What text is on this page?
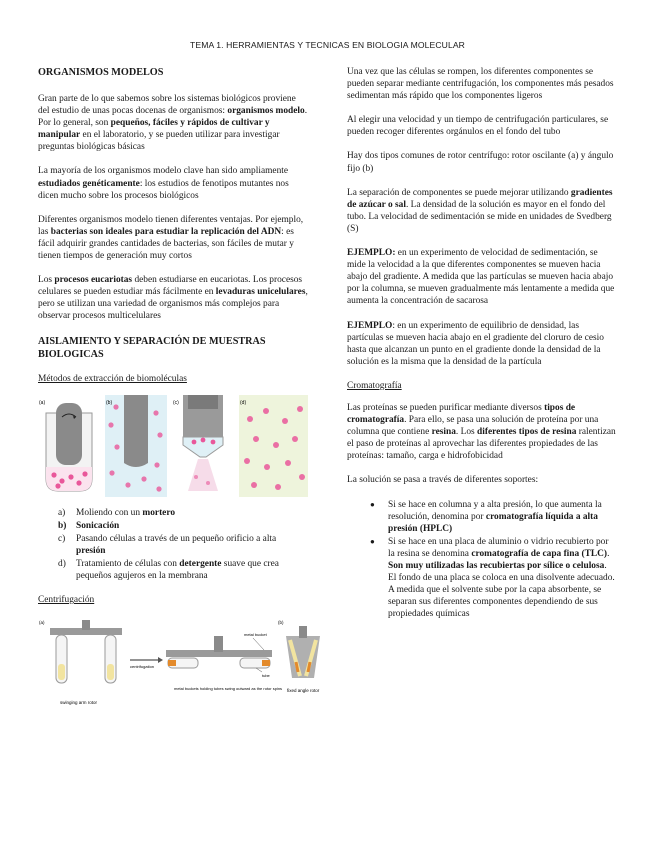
TEMA 1. HERRAMIENTAS Y TECNICAS EN BIOLOGIA MOLECULAR
ORGANISMOS MODELOS

Gran parte de lo que sabemos sobre los sistemas biológicos proviene del estudio de unas pocas docenas de organismos: organismos modelo. Por lo general, son pequeños, fáciles y rápidos de cultivar y manipular en el laboratorio, y se pueden utilizar para investigar preguntas biológicas básicas

La mayoría de los organismos modelo clave han sido ampliamente estudiados genéticamente: los estudios de fenotipos mutantes nos dicen mucho sobre los procesos biológicos

Diferentes organismos modelo tienen diferentes ventajas. Por ejemplo, las bacterias son ideales para estudiar la replicación del ADN: es fácil adquirir grandes cantidades de bacterias, son fáciles de mutar y tienen tiempos de generación muy cortos

Los procesos eucariotas deben estudiarse en eucariotas. Los procesos celulares se pueden estudiar más fácilmente en levaduras unicelulares, pero se utilizan una variedad de organismos más complejos para observar procesos multicelulares

AISLAMIENTO Y SEPARACIÓN DE MUESTRAS BIOLOGICAS
Métodos de extracción de biomoléculas
(a)	(b)	(c)	(d)
a) Moliendo con un mortero
b) Sonicación
c) Pasando células a través de un pequeño orificio a alta presión
d) Tratamiento de células con detergente suave que crea pequeños agujeros en la membrana
Centrifugación
(a)
swinging arm rotor
centrifugation
metal bucket
tube
metal buckets holding tubes swing outward as the rotor spins
(b)
fixed angle rotor

Una vez que las células se rompen, los diferentes componentes se pueden separar mediante centrifugación, los componentes más pesados sedimentan más rápido que los componentes ligeros

Al elegir una velocidad y un tiempo de centrifugación particulares, se pueden recoger diferentes orgánulos en el fondo del tubo

Hay dos tipos comunes de rotor centrífugo: rotor oscilante (a) y ángulo fijo (b)

La separación de componentes se puede mejorar utilizando gradientes de azúcar o sal. La densidad de la solución es mayor en el fondo del tubo. La velocidad de sedimentación se mide en unidades de Svedberg (S)

EJEMPLO: en un experimento de velocidad de sedimentación, se mide la velocidad a la que diferentes componentes se mueven hacia abajo del gradiente. A medida que las partículas se mueven hacia abajo por la columna, se mueven gradualmente más lentamente a medida que aumenta la concentración de sacarosa

EJEMPLO: en un experimento de equilibrio de densidad, las partículas se mueven hacia abajo en el gradiente del cloruro de cesio hasta que alcanzan un punto en el gradiente donde la densidad de la solución es la misma que la densidad de la partícula

Cromatografía

Las proteínas se pueden purificar mediante diversos tipos de cromatografía. Para ello, se pasa una solución de proteína por una columna que contiene resina. Los diferentes tipos de resina ralentizan el paso de proteínas al aprovechar las diferentes propiedades de las proteínas: tamaño, carga e hidrofobicidad

La solución se pasa a través de diferentes soportes:

● Si se hace en columna y a alta presión, lo que aumenta la resolución, denomina por cromatografía líquida a alta presión (HPLC)
● Si se hace en una placa de aluminio o vidrio recubierto por la resina se denomina cromatografía de capa fina (TLC). Son muy utilizadas las recubiertas por sílice o celulosa. El fondo de una placa se coloca en una disolvente adecuado. A medida que el solvente sube por la capa absorbente, se separan sus diferentes componentes dependiendo de sus propiedades químicas
